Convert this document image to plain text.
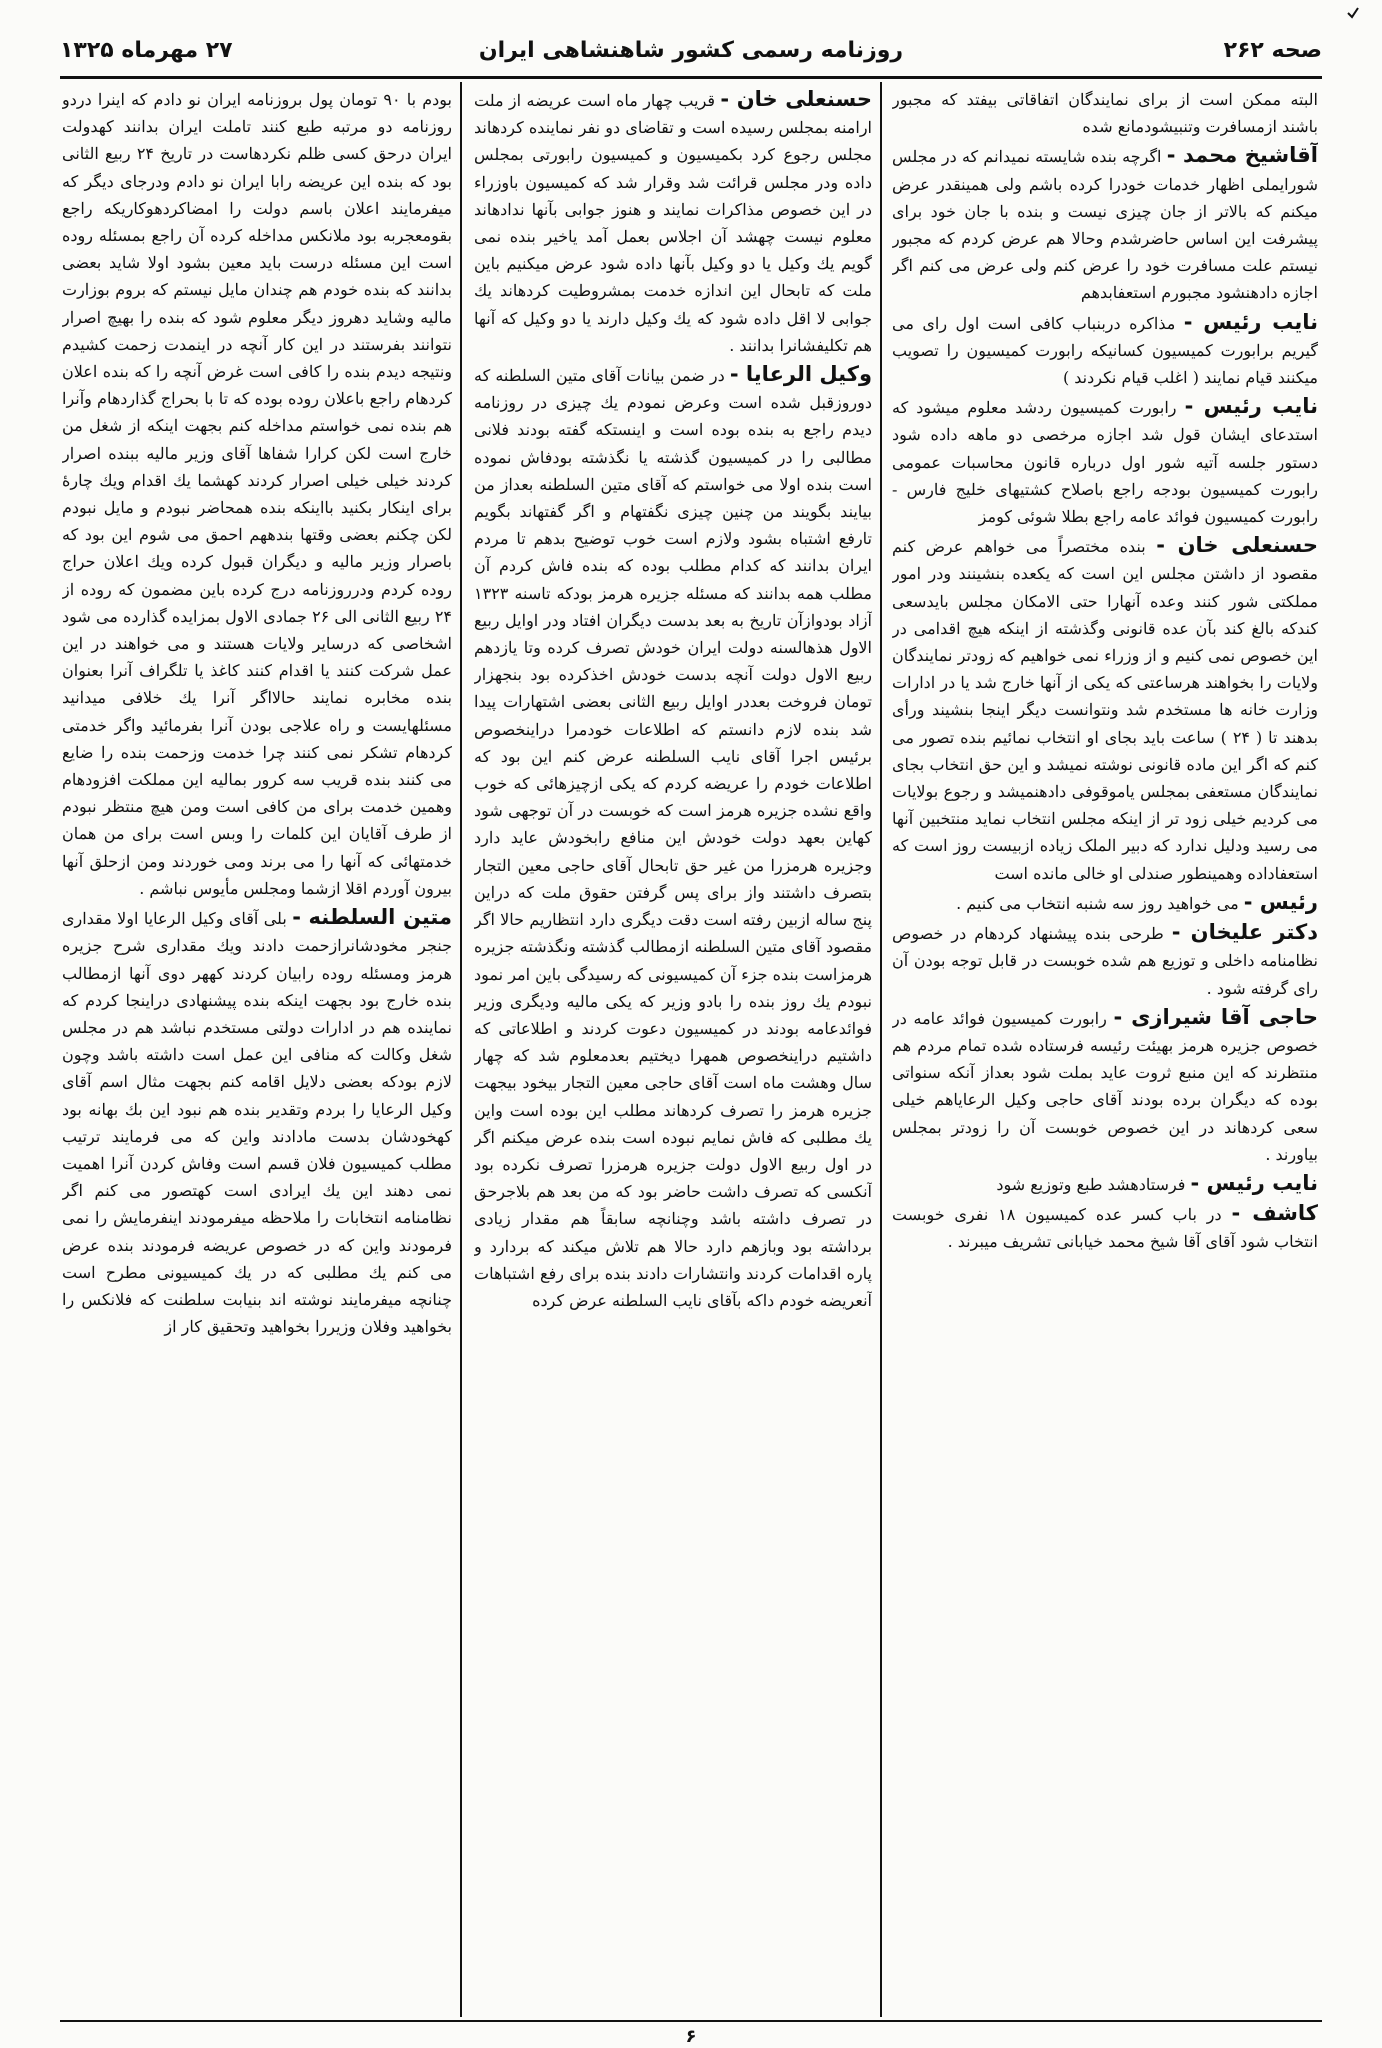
صحه ۲۶۲
روزنامه رسمی کشور شاهنشاهی ایران
۲۷ مهرماه ۱۳۲۵

البته ممکن است از برای نمایندگان اتفاقاتی بیفتد که مجبور باشند ازمسافرت وتنبیشودمانع شده

آقاشیخ محمد - اگرچه بنده شایسته نمیدانم که در مجلس شورایملی اظهار خدمات خودرا کرده باشم ولی همینقدر عرض میکنم که بالاتر از جان چیزی نیست و بنده با جان خود برای پیشرفت این اساس حاضرشدم وحالا هم عرض کردم که مجبور نیستم علت مسافرت خود را عرض کنم ولی عرض می کنم اگر اجازه دادهنشود مجبورم استعفابدهم

نایب رئیس - مذاکره دربنباب کافی است اول رای می گیریم برابورت کمیسیون کسانیکه رابورت کمیسیون را تصویب میکنند قیام نمایند ( اغلب قیام نکردند )

نایب رئیس - رابورت کمیسیون ردشد معلوم میشود که استدعای ایشان قول شد اجازه مرخصی دو ماهه داده شود دستور جلسه آتیه شور اول درباره قانون محاسبات عمومی رابورت کمیسیون بودجه راجع باصلاح کشتیهای خلیج فارس - رابورت کمیسیون فوائد عامه راجع بطلا شوئی کومز

حسنعلی خان - بنده مختصراً می خواهم عرض کنم مقصود از داشتن مجلس این است که یکعده بنشینند ودر امور مملکتی شور کنند وعده آنهارا حتی الامکان مجلس بایدسعی کندکه بالغ کند بآن عده قانونی وگذشته از اینکه هیچ اقدامی در این خصوص نمی کنیم و از وزراء نمی خواهیم که زودتر نمایندگان ولایات را بخواهند هرساعتی که یکی از آنها خارج شد یا در ادارات وزارت خانه ها مستخدم شد ونتوانست دیگر اینجا بنشیند ورأی بدهند تا ( ۲۴ ) ساعت باید بجای او انتخاب نمائیم بنده تصور می کنم که اگر این ماده قانونی نوشته نمیشد و این حق انتخاب بجای نمایندگان مستعفی بمجلس یاموقوفی دادهنمیشد و رجوع بولایات می کردیم خیلی زود تر از اینکه مجلس انتخاب نماید منتخبین آنها می رسید ودلیل ندارد که دبیر الملک زیاده ازبیست روز است که استعفاداده وهمینطور صندلی او خالی مانده است

رئیس - می خواهید روز سه شنبه انتخاب می کنیم .

دکتر علیخان - طرحی بنده پیشنهاد کردهام در خصوص نظامنامه داخلی و توزیع هم شده خوبست در قابل توجه بودن آن رای گرفته شود .

حاجی آقا شیرازی - رابورت کمیسیون فوائد عامه در خصوص جزیره هرمز بهیئت رئیسه فرستاده شده تمام مردم هم منتظرند که این منبع ثروت عاید بملت شود بعداز آنکه سنواتی بوده که دیگران برده بودند آقای حاجی وکیل الرعایاهم خیلی سعی کردهاند در این خصوص خوبست آن را زودتر بمجلس بیاورند .

نایب رئیس - فرستادهشد طبع وتوزیع شود

کاشف - در باب کسر عده کمیسیون ۱۸ نفری خوبست انتخاب شود آقای آقا شیخ محمد خیابانی تشریف میبرند .

حسنعلی خان - قریب چهار ماه است عریضه از ملت ارامنه بمجلس رسیده است و تقاضای دو نفر نماینده کردهاند مجلس رجوع کرد بکمیسیون و کمیسیون رابورتی بمجلس داده ودر مجلس قرائت شد وقرار شد که کمیسیون باوزراء در این خصوص مذاکرات نمایند و هنوز جوابی بآنها ندادهاند معلوم نیست چهشد آن اجلاس بعمل آمد یاخیر بنده نمی گویم یك وكیل یا دو وكیل بآنها داده شود عرض میکنیم باین ملت که تابحال این اندازه خدمت بمشروطیت کردهاند یك جوابی لا اقل داده شود که یك وکیل دارند یا دو وکیل که آنها هم تکلیفشانرا بدانند .

وکیل الرعایا - در ضمن بیانات آقای متین السلطنه که دوروزقبل شده است وعرض نمودم یك چیزی در روزنامه دیدم راجع به بنده بوده است و اینستکه گفته بودند فلانی مطالبی را در کمیسیون گذشته یا نگذشته بودفاش نموده است بنده اولا می خواستم که آقای متین السلطنه بعداز من بیایند بگویند من چنین چیزی نگفتهام و اگر گفتهاند بگویم تارفع اشتباه بشود ولازم است خوب توضیح بدهم تا مردم ایران بدانند که کدام مطلب بوده که بنده فاش کردم آن مطلب همه بدانند که مسئله جزیره هرمز بودکه تاسنه ۱۳۲۳ آزاد بودوازآن تاریخ به بعد بدست دیگران افتاد ودر اوایل ربیع الاول هذهالسنه دولت ایران خودش تصرف کرده وتا یازدهم ربیع الاول دولت آنچه بدست خودش اخذکرده بود بنجهزار تومان فروخت بعددر اوایل ربیع الثانی بعضی اشتهارات پیدا شد بنده لازم دانستم که اطلاعات خودمرا دراینخصوص برئیس اجرا آقای نایب السلطنه عرض کنم این بود که اطلاعات خودم را عریضه کردم که یکی ازچیزهائی که خوب واقع نشده جزیره هرمز است که خوبست در آن توجهی شود کهاین بعهد دولت خودش این منافع رابخودش عاید دارد وجزیره هرمزرا من غیر حق تابحال آقای حاجی معین التجار بتصرف داشتند واز برای پس گرفتن حقوق ملت که دراین پنج ساله ازبین رفته است دقت دیگری دارد انتظاریم حالا اگر مقصود آقای متین السلطنه ازمطالب گذشته ونگذشته جزیره هرمزاست بنده جزء آن کمیسیونی که رسیدگی باین امر نمود نبودم یك روز بنده را بادو وزیر که یکی مالیه ودیگری وزیر فوائدعامه بودند در کمیسیون دعوت کردند و اطلاعاتی که داشتیم دراینخصوص همهرا دیختیم بعدمعلوم شد که چهار سال وهشت ماه است آقای حاجی معین التجار بیخود بیجهت جزیره هرمز را تصرف کردهاند مطلب این بوده است واین یك مطلبی که فاش نمایم نبوده است بنده عرض میکنم اگر در اول ربیع الاول دولت جزیره هرمزرا تصرف نکرده بود آنکسی که تصرف داشت حاضر بود که من بعد هم بلاجرحق در تصرف داشته باشد وچنانچه سابقاً هم مقدار زیادی برداشته بود وبازهم دارد حالا هم تلاش میکند که بردارد و پاره اقدامات کردند وانتشارات دادند بنده برای رفع اشتباهات آنعریضه خودم داکه بآقای نایب السلطنه عرض کرده

بودم با ۹۰ تومان پول بروزنامه ایران نو دادم که اینرا دردو روزنامه دو مرتبه طبع کنند تاملت ایران بدانند کهدولت ایران درحق کسی ظلم نکردهاست در تاریخ ۲۴ ربیع الثانی بود که بنده این عریضه رابا ایران نو دادم ودرجای دیگر که میفرمایند اعلان باسم دولت را امضاکردهوکاریکه راجع بقومعجربه بود ملانکس مداخله کرده آن راجع بمسئله روده است این مسئله درست باید معین بشود اولا شاید بعضی بدانند که بنده خودم هم چندان مایل نیستم که بروم بوزارت مالیه وشاید دهروز دیگر معلوم شود که بنده را بهیچ اصرار نتوانند بفرستند در این کار آنچه در اینمدت زحمت کشیدم ونتیجه دیدم بنده را کافی است غرض آنچه را که بنده اعلان کردهام راجع باعلان روده بوده که تا با بحراج گذاردهام وآنرا هم بنده نمی خواستم مداخله کنم بجهت اینکه از شغل من خارج است لکن کرارا شفاها آقای وزیر مالیه ببنده اصرار کردند خیلی خیلی اصرار کردند کهشما یك اقدام ویك چارهٔ برای اینکار بکنید بااینکه بنده همحاضر نبودم و مایل نبودم لکن چکنم بعضی وقتها بندههم احمق می شوم این بود که باصرار وزیر مالیه و دیگران قبول کرده ویك اعلان حراج روده کردم ودرروزنامه درج کرده باین مضمون که روده از ۲۴ ربیع الثانی الی ۲۶ جمادی الاول بمزایده گذارده می شود اشخاصی که درسایر ولایات هستند و می خواهند در این عمل شرکت کنند یا اقدام کنند کاغذ یا تلگراف آنرا بعنوان بنده مخابره نمایند حالااگر آنرا یك خلافی میدانید مسئلهایست و راه علاجی بودن آنرا بفرمائید واگر خدمتی کردهام تشکر نمی کنند چرا خدمت وزحمت بنده را ضایع می کنند بنده قریب سه کرور بمالیه این مملکت افزودهام وهمین خدمت برای من کافی است ومن هیچ منتظر نبودم از طرف آقایان این کلمات را وبس است برای من همان خدمتهائی که آنها را می برند ومی خوردند ومن ازحلق آنها بیرون آوردم اقلا ازشما ومجلس مأیوس نباشم .

متین السلطنه - بلی آقای وکیل الرعایا اولا مقداری جنجر مخودشانرازحمت دادند ویك مقداری شرح جزیره هرمز ومسئله روده رابیان کردند کههر دوی آنها ازمطالب بنده خارج بود بجهت اینکه بنده پیشنهادی دراینجا کردم که نماینده هم در ادارات دولتی مستخدم نباشد هم در مجلس شغل وکالت که منافی این عمل است داشته باشد وچون لازم بودکه بعضی دلایل اقامه کنم بجهت مثال اسم آقای وکیل الرعایا را بردم وتقدیر بنده هم نبود این بك بهانه بود کهخودشان بدست مادادند واین که می فرمایند ترتیب مطلب کمیسیون فلان قسم است وفاش کردن آنرا اهمیت نمی دهند این یك ایرادی است کهتصور می کنم اگر نظامنامه انتخابات را ملاحظه میفرمودند اینفرمایش را نمی فرمودند واین که در خصوص عریضه فرمودند بنده عرض می کنم یك مطلبی که در یك کمیسیونی مطرح است چنانچه میفرمایند نوشته اند بنیابت سلطنت که فلانکس را بخواهید وفلان وزیررا بخواهید وتحقیق کار از

۶
